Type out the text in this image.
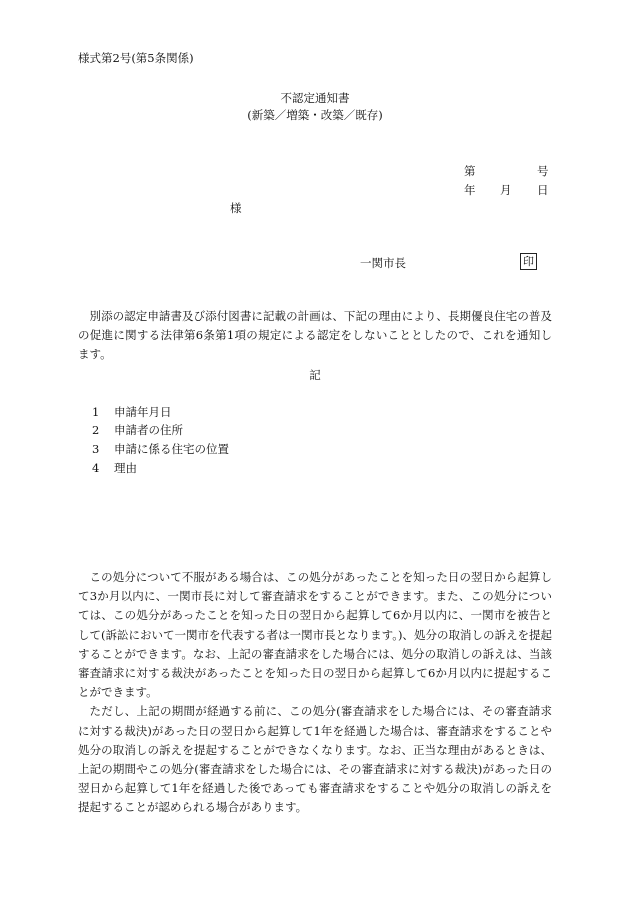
様式第2号(第5条関係)
不認定通知書
(新築／増築・改築／既存)
第	号
年 月 日
様
一関市長	印

別添の認定申請書及び添付図書に記載の計画は、下記の理由により、長期優良住宅の普及の促進に関する法律第6条第1項の規定による認定をしないこととしたので、これを通知します。

記
1 申請年月日
2 申請者の住所
3 申請に係る住宅の位置
4 理由

この処分について不服がある場合は、この処分があったことを知った日の翌日から起算して3か月以内に、一関市長に対して審査請求をすることができます。また、この処分については、この処分があったことを知った日の翌日から起算して6か月以内に、一関市を被告として(訴訟において一関市を代表する者は一関市長となります。)、処分の取消しの訴えを提起することができます。なお、上記の審査請求をした場合には、処分の取消しの訴えは、当該審査請求に対する裁決があったことを知った日の翌日から起算して6か月以内に提起することができます。

ただし、上記の期間が経過する前に、この処分(審査請求をした場合には、その審査請求に対する裁決)があった日の翌日から起算して1年を経過した場合は、審査請求をすることや処分の取消しの訴えを提起することができなくなります。なお、正当な理由があるときは、上記の期間やこの処分(審査請求をした場合には、その審査請求に対する裁決)があった日の翌日から起算して1年を経過した後であっても審査請求をすることや処分の取消しの訴えを提起することが認められる場合があります。
